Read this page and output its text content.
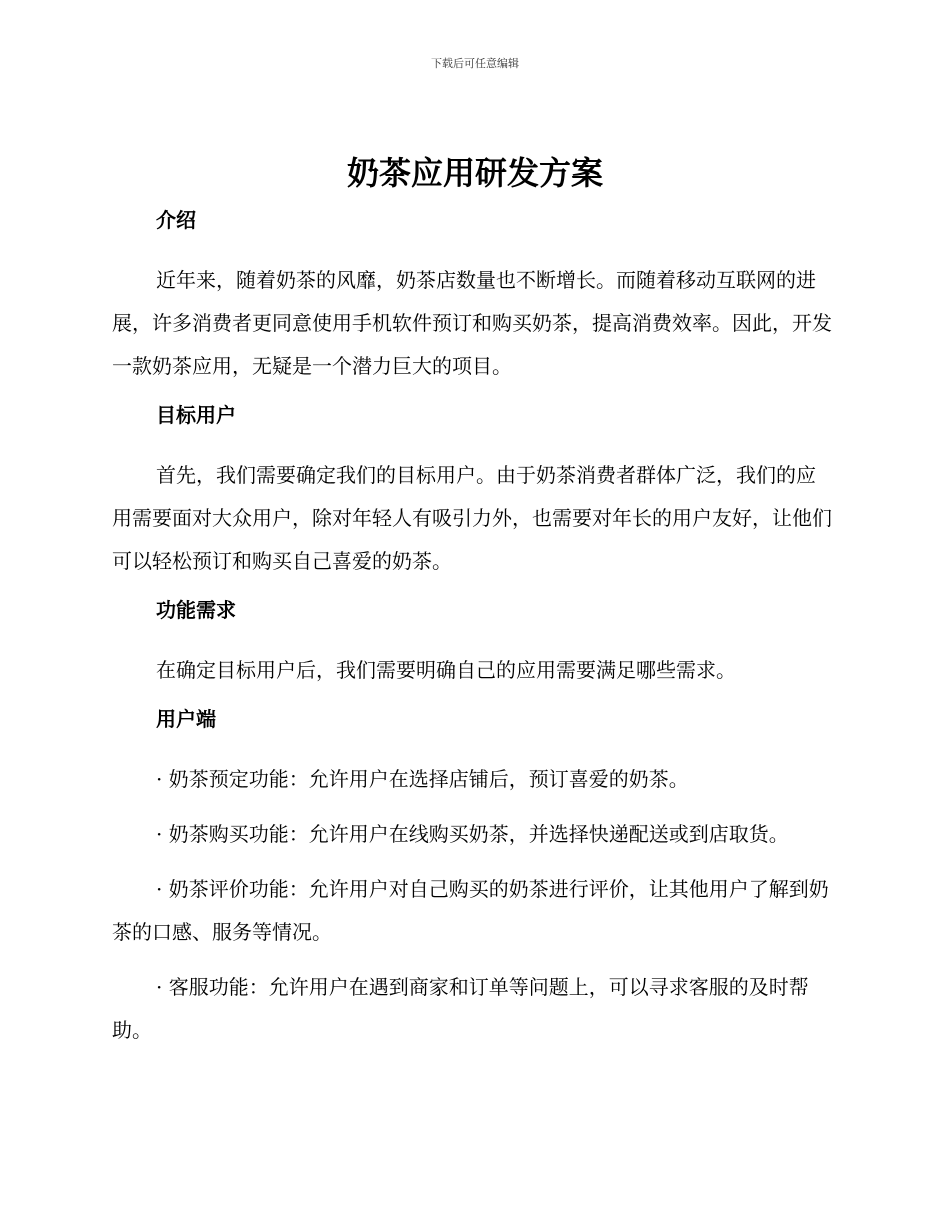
下载后可任意编辑
奶茶应用研发方案

介绍

近年来，随着奶茶的风靡，奶茶店数量也不断增长。而随着移动互联网的进展，许多消费者更同意使用手机软件预订和购买奶茶，提高消费效率。因此，开发一款奶茶应用，无疑是一个潜力巨大的项目。

目标用户

首先，我们需要确定我们的目标用户。由于奶茶消费者群体广泛，我们的应用需要面对大众用户，除对年轻人有吸引力外，也需要对年长的用户友好，让他们可以轻松预订和购买自己喜爱的奶茶。

功能需求

在确定目标用户后，我们需要明确自己的应用需要满足哪些需求。

用户端

· 奶茶预定功能：允许用户在选择店铺后，预订喜爱的奶茶。

· 奶茶购买功能：允许用户在线购买奶茶，并选择快递配送或到店取货。

· 奶茶评价功能：允许用户对自己购买的奶茶进行评价，让其他用户了解到奶茶的口感、服务等情况。

· 客服功能：允许用户在遇到商家和订单等问题上，可以寻求客服的及时帮助。
